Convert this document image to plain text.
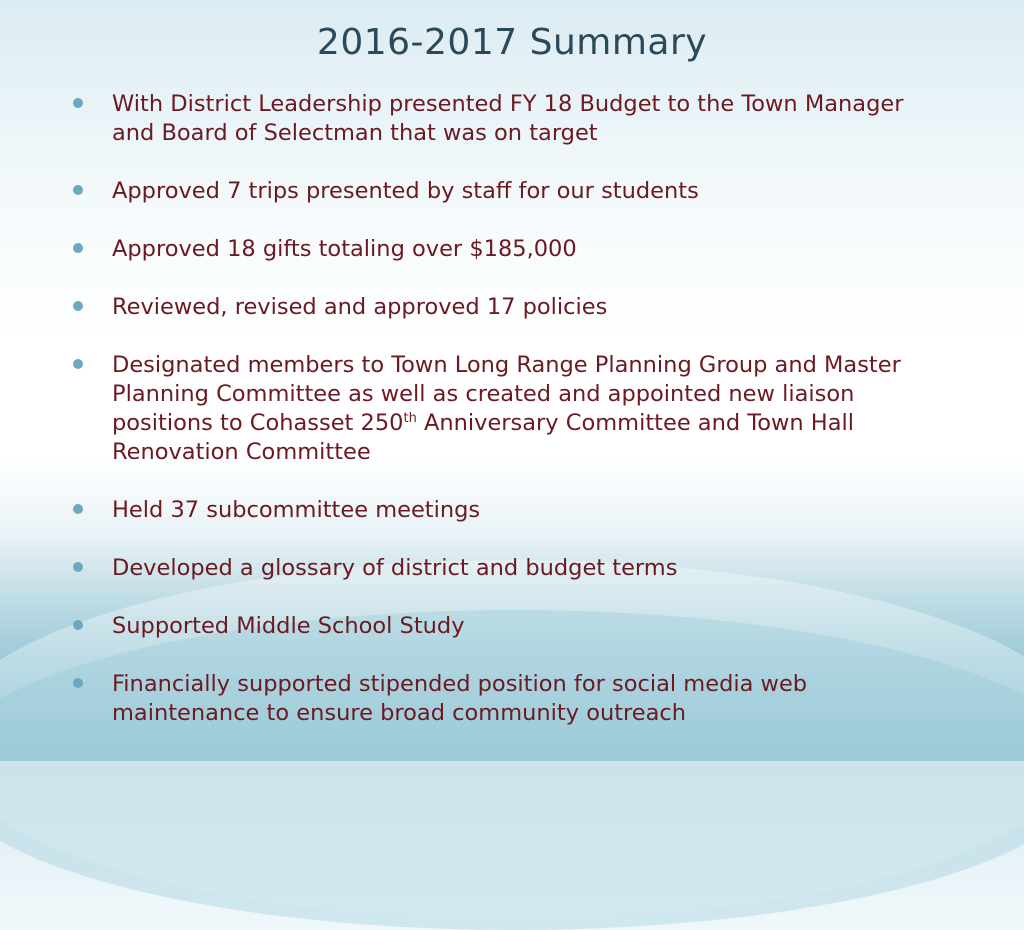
2016-2017 Summary
With District Leadership presented FY 18 Budget to the Town Manager and Board of Selectman that was on target
Approved 7 trips presented by staff for our students
Approved 18 gifts totaling over $185,000
Reviewed, revised and approved 17 policies
Designated members to Town Long Range Planning Group and Master Planning Committee as well as created and appointed new liaison positions to Cohasset 250th Anniversary Committee and Town Hall Renovation Committee
Held 37 subcommittee meetings
Developed a glossary of district and budget terms
Supported Middle School Study
Financially supported stipended position for social media web maintenance to ensure broad community outreach
